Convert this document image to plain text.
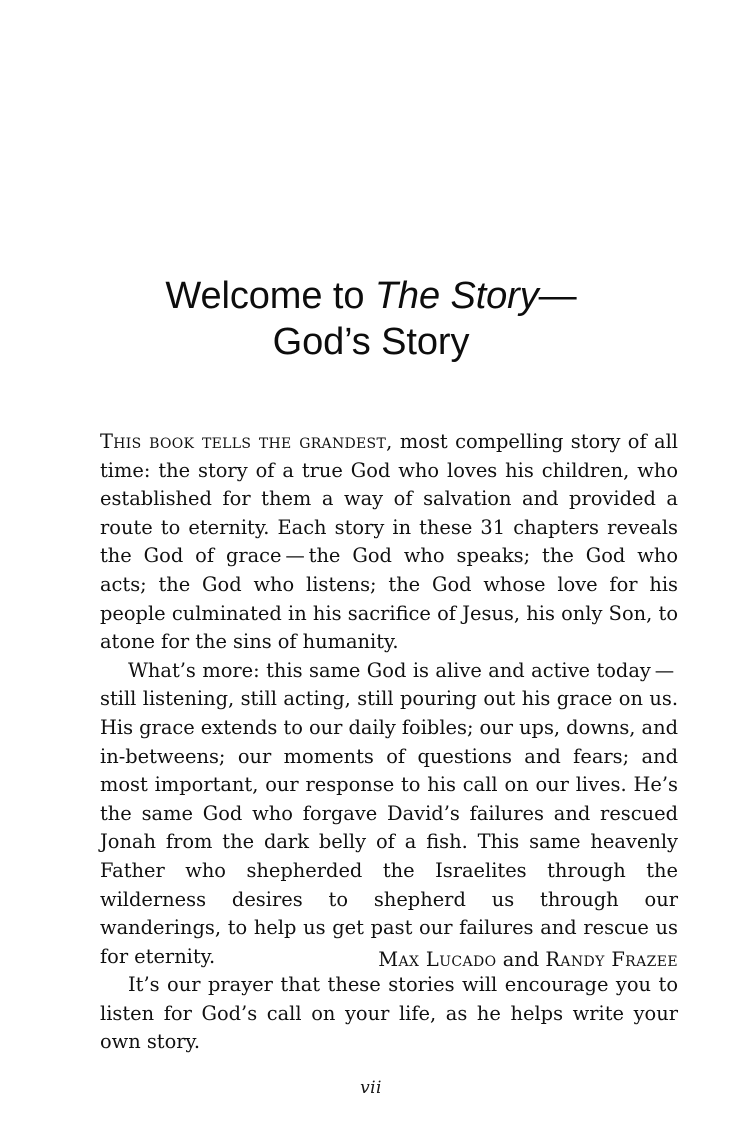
Welcome to The Story—
God’s Story

This book tells the grandest, most compelling story of all time: the story of a true God who loves his children, who established for them a way of salvation and provided a route to eternity. Each story in these 31 chapters reveals the God of grace — the God who speaks; the God who acts; the God who listens; the God whose love for his people culminated in his sacrifice of Jesus, his only Son, to atone for the sins of humanity.

What’s more: this same God is alive and active today — still listening, still acting, still pouring out his grace on us. His grace extends to our daily foibles; our ups, downs, and in-betweens; our moments of questions and fears; and most important, our response to his call on our lives. He’s the same God who forgave David’s failures and rescued Jonah from the dark belly of a fish. This same heavenly Father who shepherded the Israelites through the wilderness desires to shepherd us through our wanderings, to help us get past our failures and rescue us for eternity.

It’s our prayer that these stories will encourage you to listen for God’s call on your life, as he helps write your own story.

Max Lucado and Randy Frazee
vii
